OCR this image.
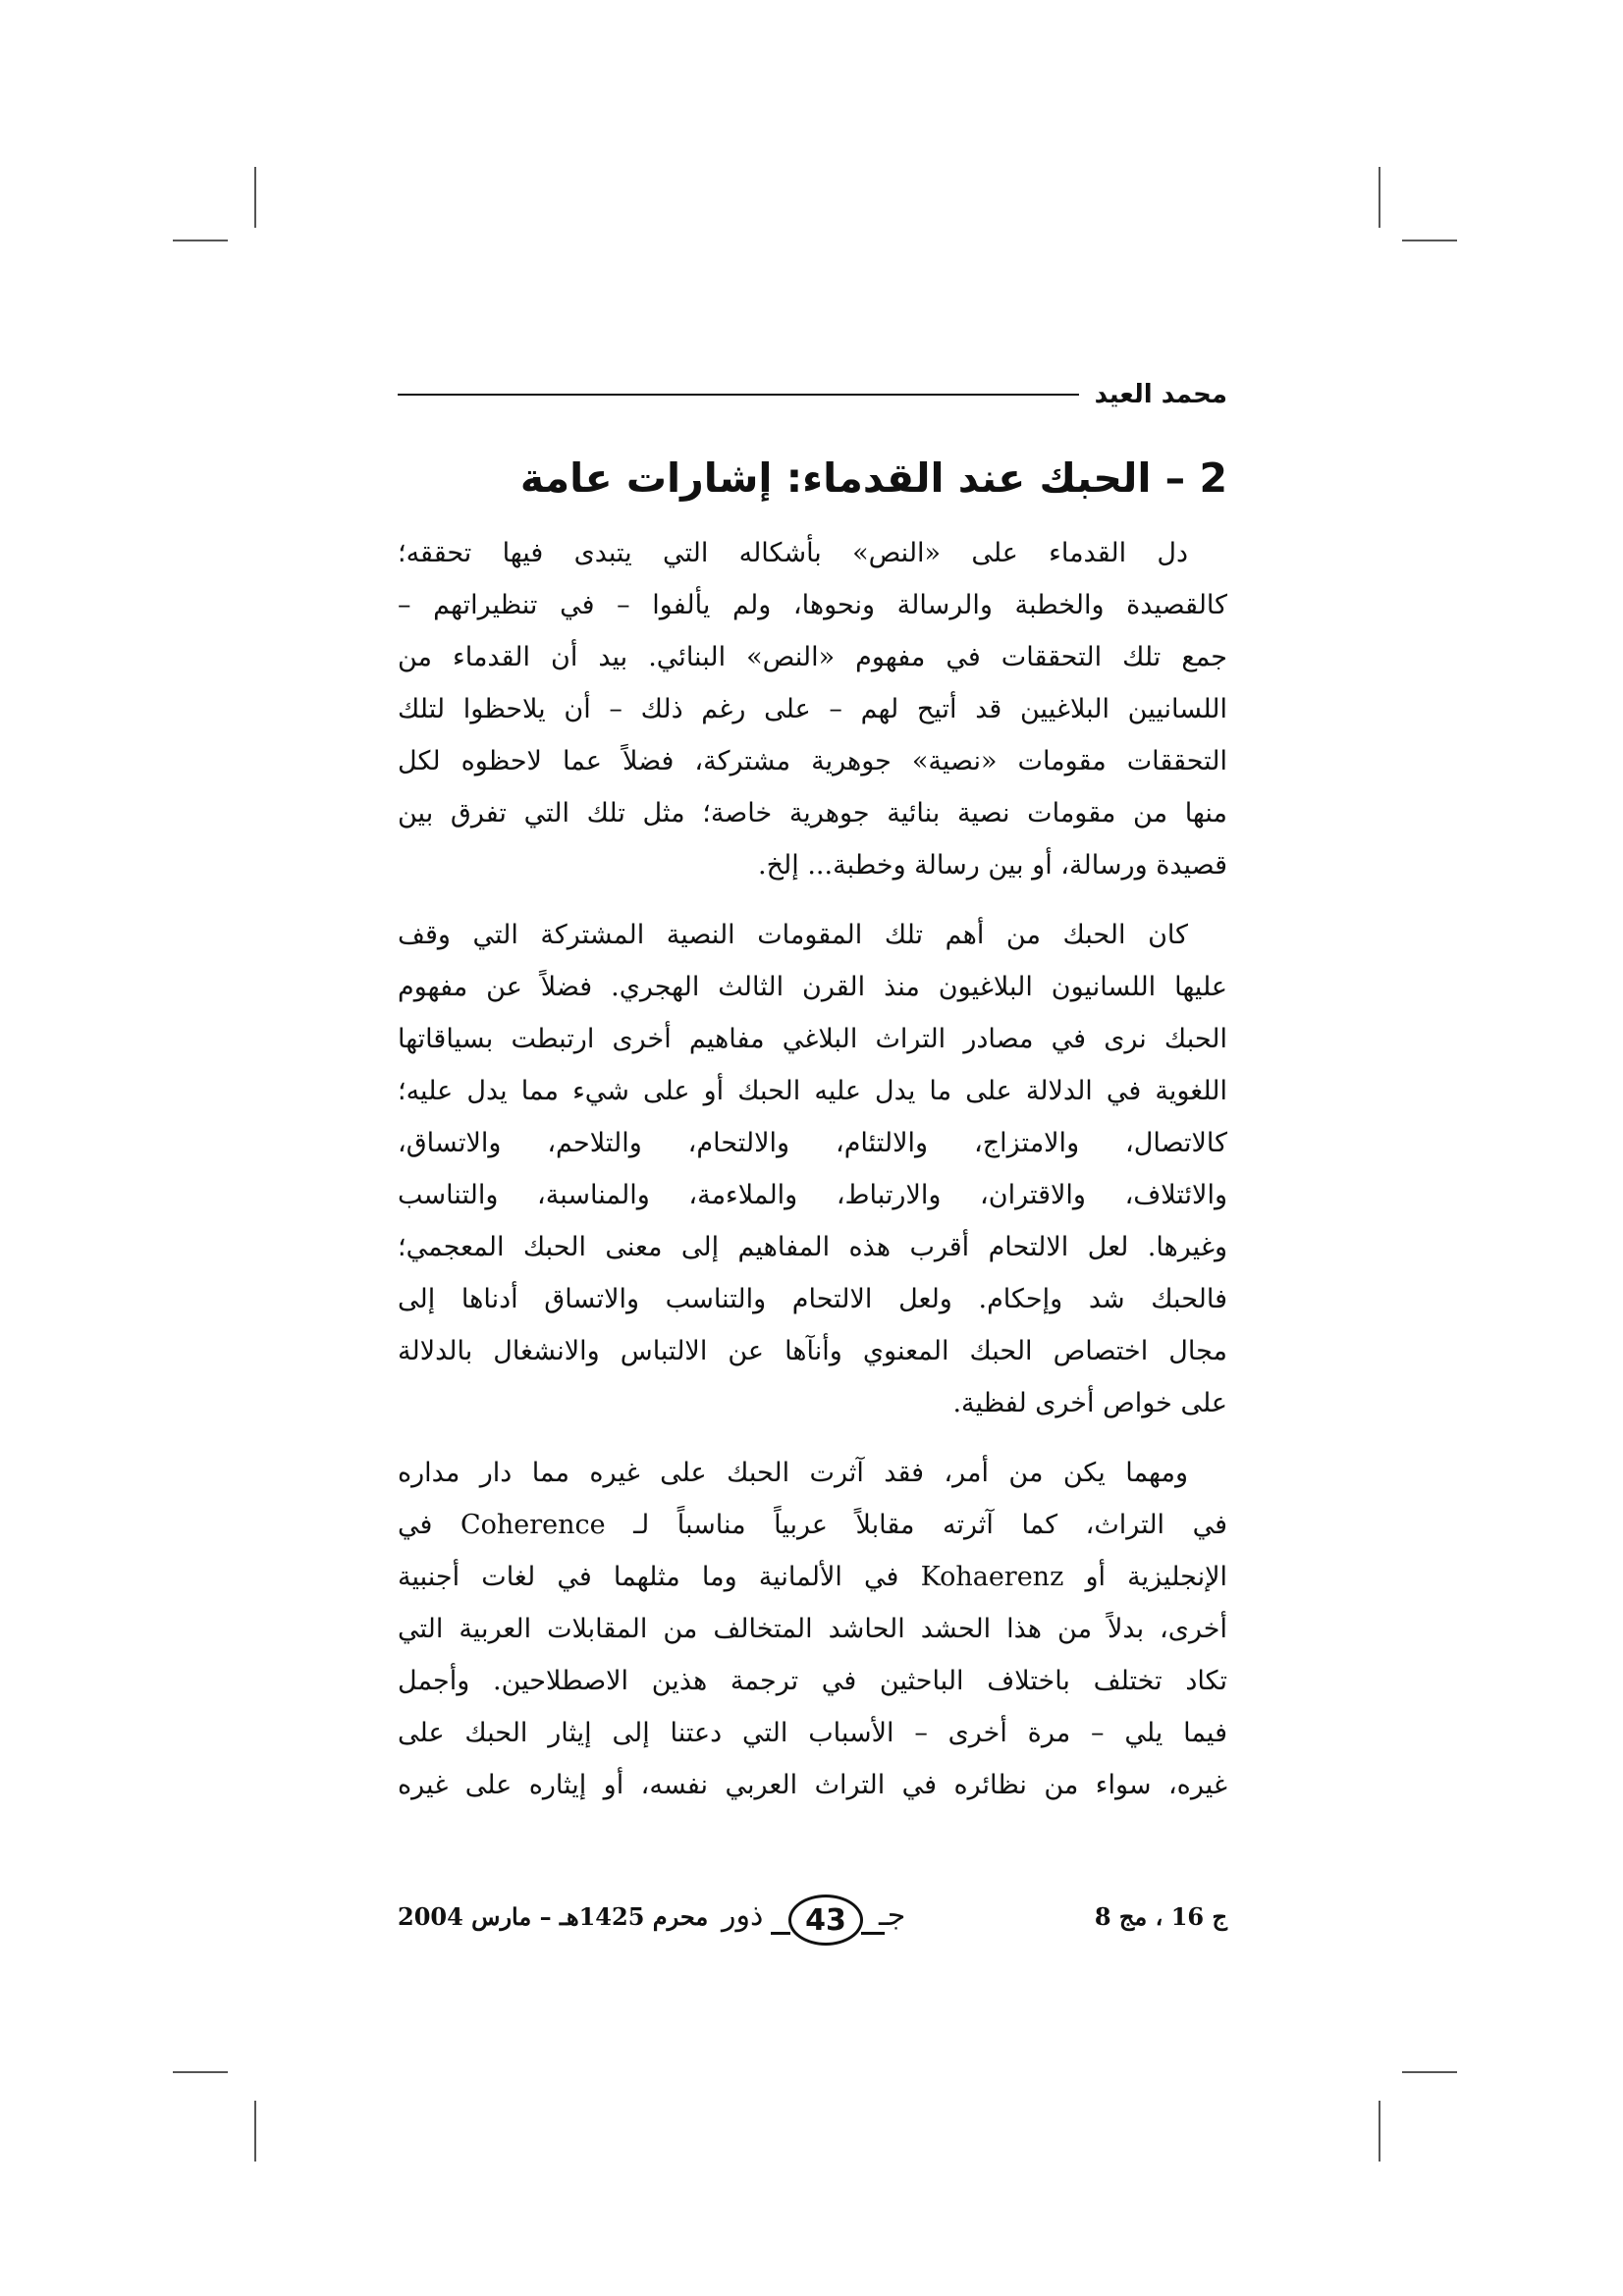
محمد العيد
2 – الحبك عند القدماء: إشارات عامة
دل القدماء على «النص» بأشكاله التي يتبدى فيها تحققه؛
كالقصيدة والخطبة والرسالة ونحوها، ولم يألفوا – في تنظيراتهم –
جمع تلك التحققات في مفهوم «النص» البنائي. بيد أن القدماء من
اللسانيين البلاغيين قد أتيح لهم – على رغم ذلك – أن يلاحظوا لتلك
التحققات مقومات «نصية» جوهرية مشتركة، فضلاً عما لاحظوه لكل
منها من مقومات نصية بنائية جوهرية خاصة؛ مثل تلك التي تفرق بين
قصيدة ورسالة، أو بين رسالة وخطبة... إلخ.
كان الحبك من أهم تلك المقومات النصية المشتركة التي وقف
عليها اللسانيون البلاغيون منذ القرن الثالث الهجري. فضلاً عن مفهوم
الحبك نرى في مصادر التراث البلاغي مفاهيم أخرى ارتبطت بسياقاتها
اللغوية في الدلالة على ما يدل عليه الحبك أو على شيء مما يدل عليه؛
كالاتصال، والامتزاج، والالتئام، والالتحام، والتلاحم، والاتساق،
والائتلاف، والاقتران، والارتباط، والملاءمة، والمناسبة، والتناسب
وغيرها. لعل الالتحام أقرب هذه المفاهيم إلى معنى الحبك المعجمي؛
فالحبك شد وإحكام. ولعل الالتحام والتناسب والاتساق أدناها إلى
مجال اختصاص الحبك المعنوي وأنآها عن الالتباس والانشغال بالدلالة
على خواص أخرى لفظية.
ومهما يكن من أمر، فقد آثرت الحبك على غيره مما دار مداره
في التراث، كما آثرته مقابلاً عربياً مناسباً لـ Coherence في
الإنجليزية أو Kohaerenz في الألمانية وما مثلهما في لغات أجنبية
أخرى، بدلاً من هذا الحشد الحاشد المتخالف من المقابلات العربية التي
تكاد تختلف باختلاف الباحثين في ترجمة هذين الاصطلاحين. وأجمل
فيما يلي – مرة أخرى – الأسباب التي دعتنا إلى إيثار الحبك على
غيره، سواء من نظائره في التراث العربي نفسه، أو إيثاره على غيره
ج 16 ، مج 8
ذور	43	جـ
محرم 1425هـ – مارس 2004
